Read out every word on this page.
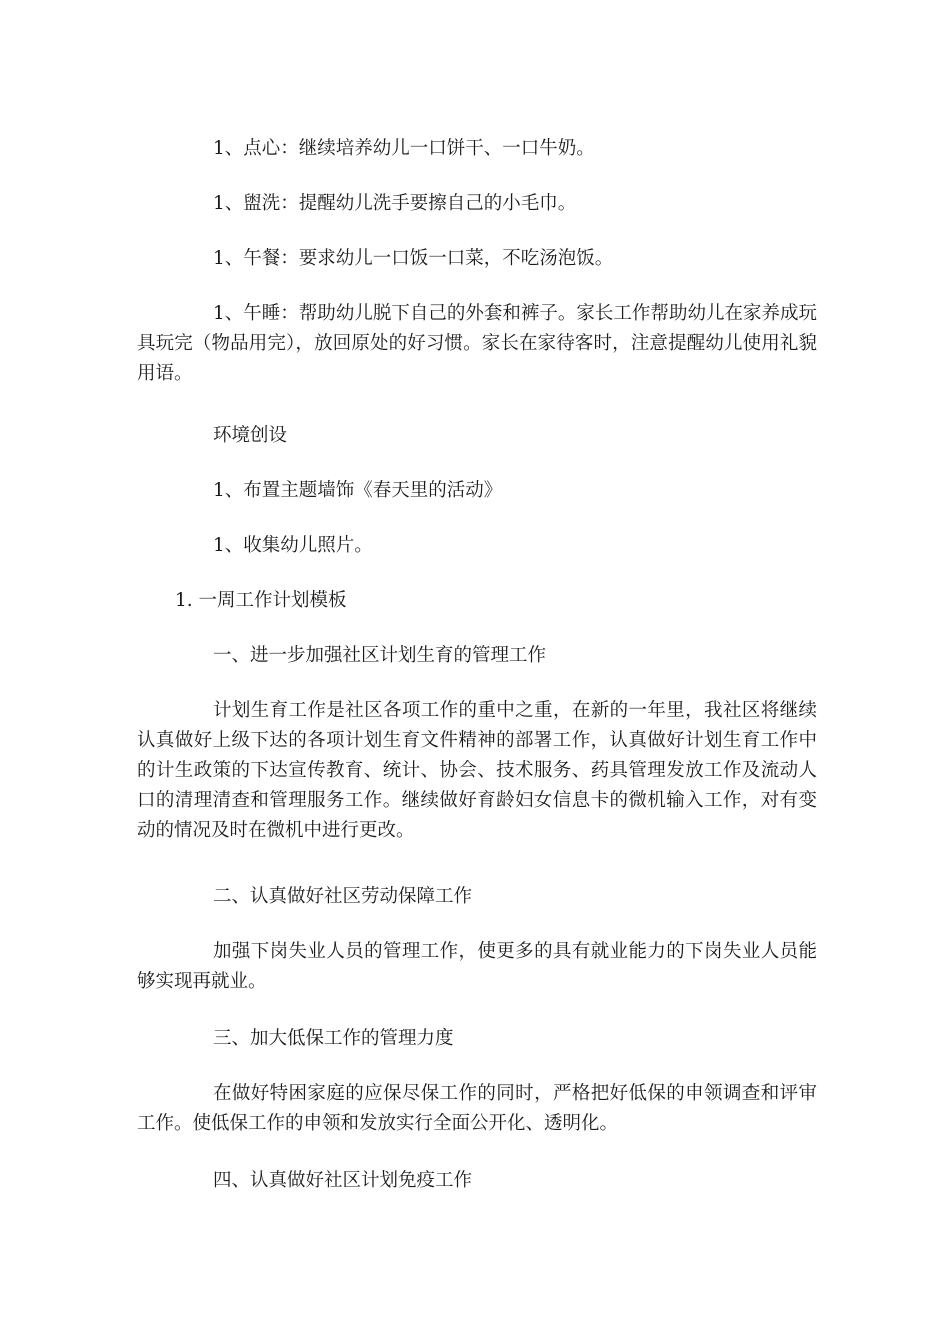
1、点心：继续培养幼儿一口饼干、一口牛奶。

1、盥洗：提醒幼儿洗手要擦自己的小毛巾。

1、午餐：要求幼儿一口饭一口菜，不吃汤泡饭。

1、午睡：帮助幼儿脱下自己的外套和裤子。家长工作帮助幼儿在家养成玩具玩完（物品用完），放回原处的好习惯。家长在家待客时，注意提醒幼儿使用礼貌用语。

环境创设

1、布置主题墙饰《春天里的活动》

1、收集幼儿照片。

1. 一周工作计划模板

一、进一步加强社区计划生育的管理工作

计划生育工作是社区各项工作的重中之重，在新的一年里，我社区将继续认真做好上级下达的各项计划生育文件精神的部署工作，认真做好计划生育工作中的计生政策的下达宣传教育、统计、协会、技术服务、药具管理发放工作及流动人口的清理清查和管理服务工作。继续做好育龄妇女信息卡的微机输入工作，对有变动的情况及时在微机中进行更改。

二、认真做好社区劳动保障工作

加强下岗失业人员的管理工作，使更多的具有就业能力的下岗失业人员能够实现再就业。

三、加大低保工作的管理力度

在做好特困家庭的应保尽保工作的同时，严格把好低保的申领调查和评审工作。使低保工作的申领和发放实行全面公开化、透明化。

四、认真做好社区计划免疫工作
